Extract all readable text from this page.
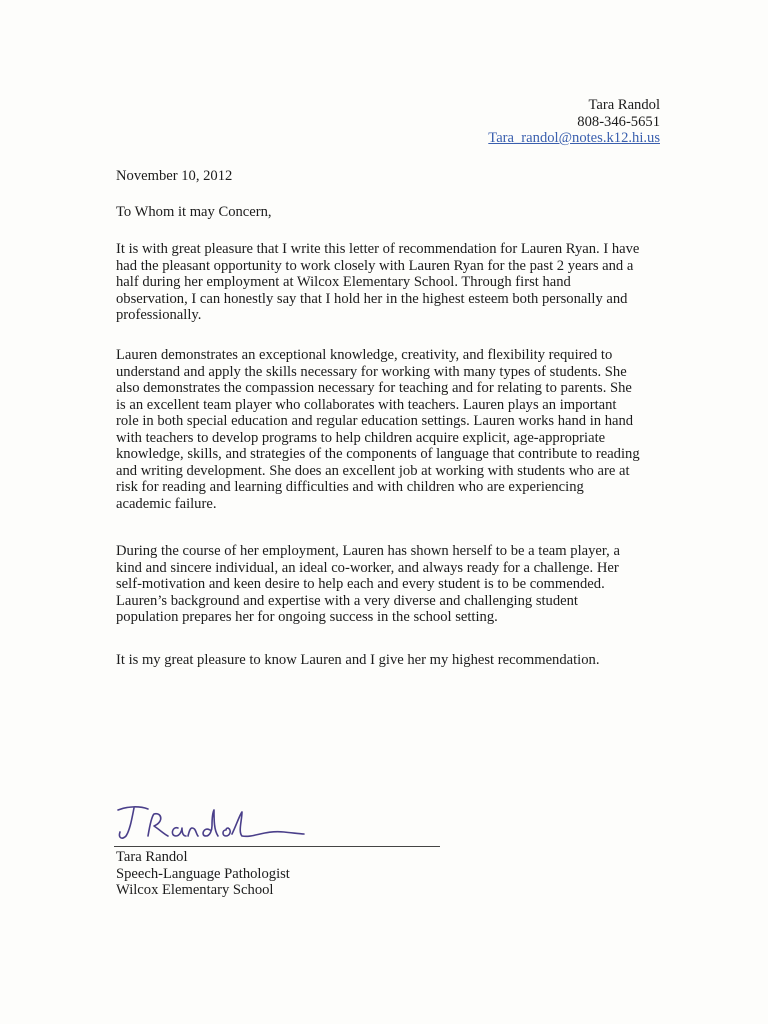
Tara Randol
808-346-5651
Tara_randol@notes.k12.hi.us
November 10, 2012
To Whom it may Concern,
It is with great pleasure that I write this letter of recommendation for Lauren Ryan. I have
had the pleasant opportunity to work closely with Lauren Ryan for the past 2 years and a
half during her employment at Wilcox Elementary School. Through first hand
observation, I can honestly say that I hold her in the highest esteem both personally and
professionally.
Lauren demonstrates an exceptional knowledge, creativity, and flexibility required to
understand and apply the skills necessary for working with many types of students. She
also demonstrates the compassion necessary for teaching and for relating to parents. She
is an excellent team player who collaborates with teachers. Lauren plays an important
role in both special education and regular education settings. Lauren works hand in hand
with teachers to develop programs to help children acquire explicit, age-appropriate
knowledge, skills, and strategies of the components of language that contribute to reading
and writing development. She does an excellent job at working with students who are at
risk for reading and learning difficulties and with children who are experiencing
academic failure.
During the course of her employment, Lauren has shown herself to be a team player, a
kind and sincere individual, an ideal co-worker, and always ready for a challenge. Her
self-motivation and keen desire to help each and every student is to be commended.
Lauren’s background and expertise with a very diverse and challenging student
population prepares her for ongoing success in the school setting.
It is my great pleasure to know Lauren and I give her my highest recommendation.
Tara Randol
Speech-Language Pathologist
Wilcox Elementary School
